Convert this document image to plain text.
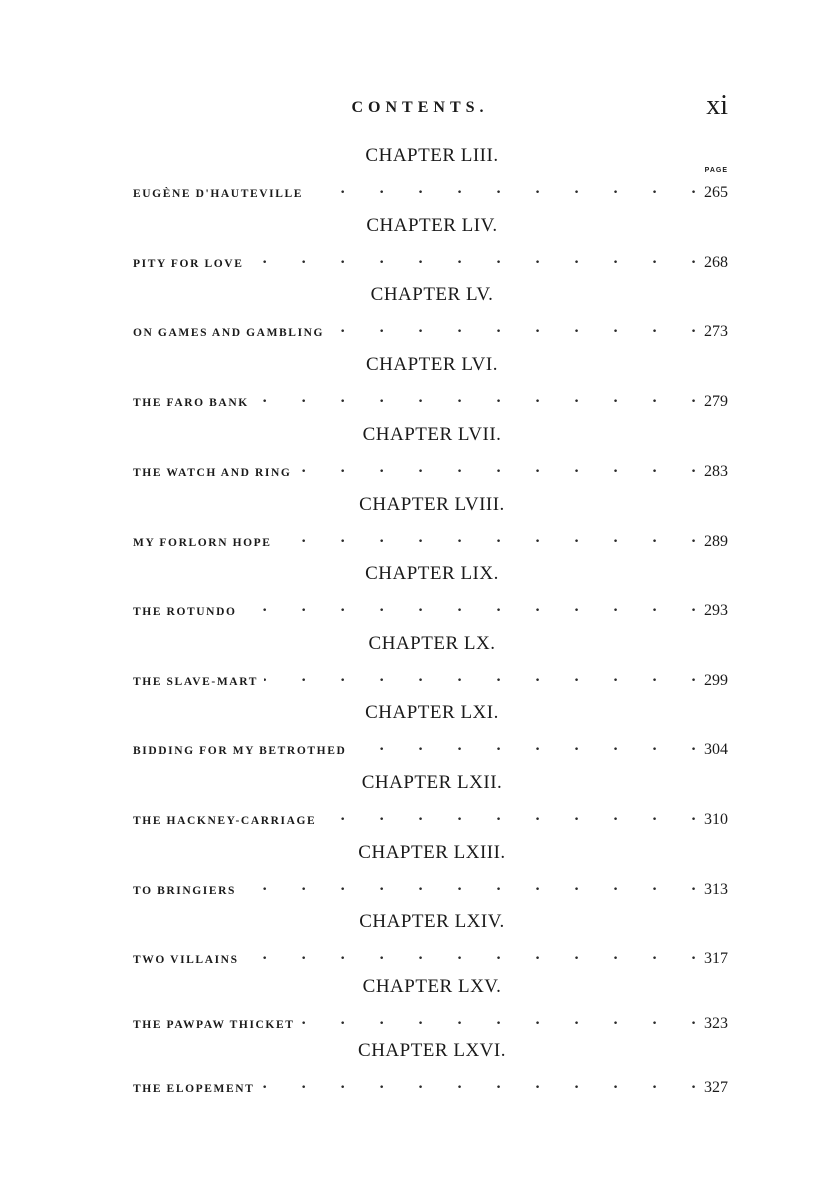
CONTENTS.	xi
PAGE
CHAPTER LIII.
EUGÈNE D'HAUTEVILLE .	265
CHAPTER LIV.
PITY FOR LOVE .	268
CHAPTER LV.
ON GAMES AND GAMBLING .	273
CHAPTER LVI.
THE FARO BANK .	279
CHAPTER LVII.
THE WATCH AND RING .	283
CHAPTER LVIII.
MY FORLORN HOPE .	289
CHAPTER LIX.
THE ROTUNDO .	293
CHAPTER LX.
THE SLAVE-MART .	299
CHAPTER LXI.
BIDDING FOR MY BETROTHED .	304
CHAPTER LXII.
THE HACKNEY-CARRIAGE .	310
CHAPTER LXIII.
TO BRINGIERS .	313
CHAPTER LXIV.
TWO VILLAINS .	317
CHAPTER LXV.
THE PAWPAW THICKET .	323
CHAPTER LXVI.
THE ELOPEMENT .	327
